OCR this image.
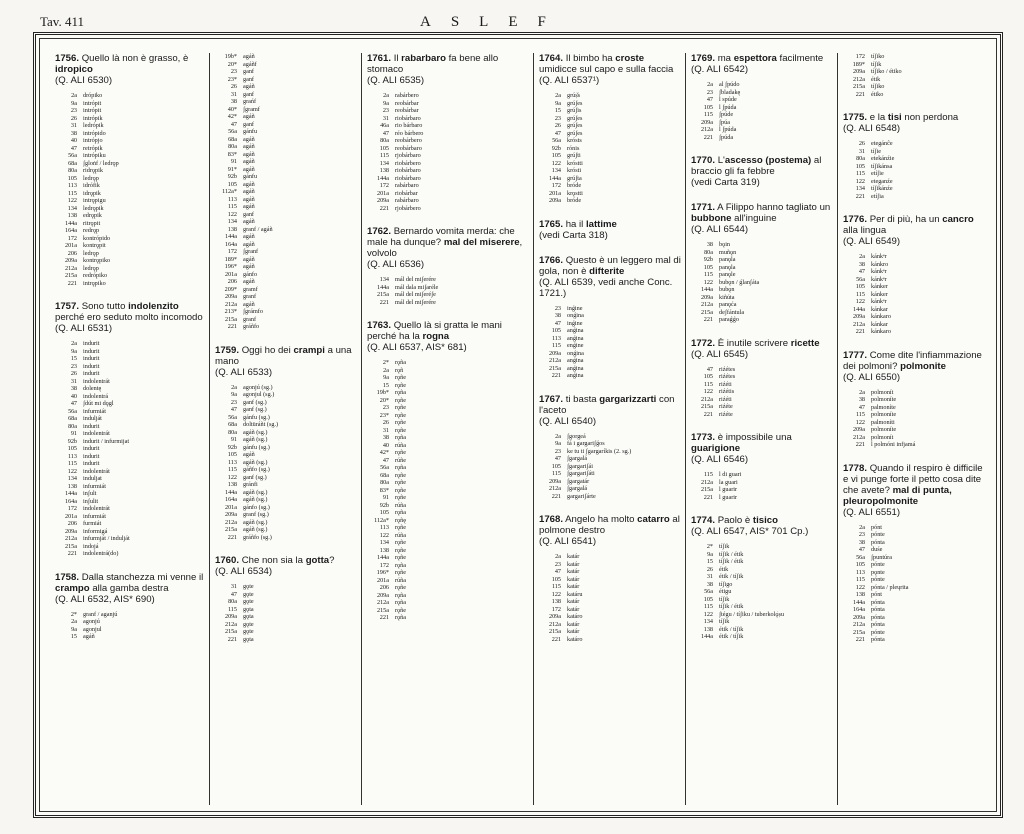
Tav. 411	ASLEF

1756. Quello là non è grasso, è idropico
(Q. ALI 6530)

2a drópiko
9a intrópit
23 intrópit
26 intrópik
31 ledrópik
38 intrópido
40 intrópjo
47 retrópik
56a intrópiku
68a ʃgloṅf / ledrǫp
80a ridrǫpik
105 ledrǫp
113 idrófik
115 idrǫpik
122 intrǫpigu
134 ledrǫpik
138 edrǫpik
144a ritrǫpit
164a redrǫp
172 kontrópido
201a kontrǫpit
206 ledrǫp
209a kontrǫpiko
212a ledrǫp
215a redrópiko
221 intrǫpiko

1757. Sono tutto indolenzito perché ero seduto molto incomodo
(Q. ALI 6531)

2a indurit
9a indurit
15 indurit
23 indurit
26 indurit
31 indolentrát
38 dolentę
40 indolentrá
47 ʃdút mi dǫgl
56a infurmiát
68a indulját
80a indurit
91 indolentrát
92b indurit / infurmijat
105 indurit
113 indurit
115 indurit
122 indolentrát
134 induljat
138 infurmiát
144a inʃult
164a inʃulit
172 indolentrát
201a infurmiát
206 furmiát
209a informigá
212a infurmját / indulját
215a indojá
221 indolentrá(do)

1758. Dalla stanchezza mi venne il crampo alla gamba destra
(Q. ALI 6532, AIS* 690)

2* granf / aganjú
2a agonjú
9a agonjul
15 agáñ
19b* agáñ
20* agáñf
23 ganf
23* ganf
26 agáñ
31 ganf
38 grańf
40* ʃgramf
42* agáñ
47 ganf
56a gánfu
68a agáñ
80a agáñ
83* agáñ
91 agáñ
91* agáñ
92b gánfu
105 agáñ
112a* agáñ
113 agáñ
115 agáñ
122 ganf
134 agáñ
138 granf / agáñ
144a agáñ
164a agáñ
172 ʃgranf
189* agáñ
196* agáñ
201a gánfo
206 agáñ
209* gramf
209a granf
212a agáñ
213* ʃgrámfo
215a granf
221 gráñfo

1759. Oggi ho dei crampi a una mano
(Q. ALI 6533)

2a agonjú (sg.)
9a agonjul (sg.)
23 ganf (sg.)
47 ganf (sg.)
56a gánfu (sg.)
68a doltüráñt (sg.)
80a agáñ (sg.)
91 agáñ (sg.)
92b gánfu (sg.)
105 agáñ
113 agáñ (sg.)
115 gáñfo (sg.)
122 ganf (sg.)
138 gránfi
144a agáñ (sg.)
164a agáñ (sg.)
201a gánfo (sg.)
209a granf (sg.)
212a agáñ (sg.)
215a agáñ (sg.)
221 gráñfo (sg.)

1760. Che non sia la gotta?
(Q. ALI 6534)

31 gǫte
47 gǫte
80a gǫte
115 gǫta
209a gǫta
212a gǫte
215a gǫte
221 gǫta

1761. Il rabarbaro fa bene allo stomaco
(Q. ALI 6535)

2a rabárbero
9a reobárbar
23 reobárbar
31 riobárbaro
46a rio bárbaro
47 réo bárbero
80a reobárbero
105 reobárbaro
115 rjobárbaro
134 riobárbero
138 riobárbaro
144a riobárbaro
172 rabárbaro
201a riobárbar
209a rabárbaro
221 rjobárbero

1762. Bernardo vomita merda: che male ha dunque? mal del miserere, volvolo
(Q. ALI 6536)

134 mál del miʃerére
144a mál dala miʃaréle
215a mál del miʃeréʃe
221 mál del miʃerére

1763. Quello là si gratta le mani perché ha la rogna
(Q. ALI 6537, AIS* 681)

2* rǫña
2a rǫñ
9a rǫñe
15 rǫñe
19b* rǫña
20* rǫñe
23 rǫñe
23* rǫñe
26 rǫñe
31 rǫñe
38 rǫña
40 rúña
42* rǫñe
47 rúñe
56a rǫña
68a rǫñe
80a rǫñe
83* rǫñe
91 rǫñe
92b rúña
105 rǫña
112a* rǫñę
113 rǫñe
122 rúña
134 rǫñe
138 rǫñe
144a rǫñe
172 rǫña
196* rǫñe
201a rúña
206 rǫñe
209a rǫña
212a rǫña
215a rǫñe
221 rǫña

1764. Il bimbo ha croste umidicce sul capo e sulla faccia
(Q. ALI 6537¹)

2a grúṣ̌s
9a grúʃes
15 grúʃis
23 grúʃes
26 grúʃes
47 grúʃes
56a krósts
92b rónis
105 grúʃti
122 króstti
134 krósti
144a grúʃta
172 bróde
201a krǫstti
209a bróde

1765. ha il lattime
(vedi Carta 318)

1766. Questo è un leggero mal di gola, non è difterite
(Q. ALI 6539, vedi anche Conc. 1721.)

23 inǵine
38 onǵina
47 inǵine
105 anǵina
113 anǵina
115 enǵine
209a onǵina
212a anǵina
215a anǵina
221 anǵina

1767. ti basta gargarizzarti con l'aceto
(Q. ALI 6540)

2a ʃgorgeá
9a fá i gargariʃǵos
23 ke tu ti ʃgargaríkis (2. sg.)
47 ʃgargalá
105 ʃgargariʃái
115 ʃgargariʃáti
209a ʃgargatár
212a ʃgargalá
221 gargariʃárte

1768. Angelo ha molto catarro al polmone destro
(Q. ALI 6541)

2a katár
23 katár
47 katár
105 katár
115 katár
122 katáru
138 katár
172 katár
209a katáro
212a katár
215a katár
221 katáro

1769. ma espettora facilmente
(Q. ALI 6542)

2a al ʃpúdo
23 ʃbladakę
47 l spúde
105 l ʃpúda
115 ʃpúde
209a ʃpúa
212a l ʃpúda
221 ʃpúda

1770. L'ascesso (postema) al braccio gli fa febbre
(vedi Carta 319)

1771. A Filippo hanno tagliato un bubbone all'inguine
(Q. ALI 6544)

38 bǫin
80a muñǫn
92b panǫla
105 panǫla
115 panǫle
122 bubǫn / ǵlanʃáta
144a bubǫn
209a kiñúta
212a panǫća
215a deʃfántula
221 paraǵǵo

1772. È inutile scrivere ricette
(Q. ALI 6545)

47 riźétes
105 riźétes
115 riźéti
122 riźétis
212a riźéti
215a riźéte
221 riźéte

1773. è impossibile una guarigione
(Q. ALI 6546)

115 l di guari
212a la guari
215a l guarir
221 l guarir

1774. Paolo è tisico
(Q. ALI 6547, AIS* 701 Cp.)

2* tíʃik
9a tíʃik / étik
15 tíʃik / étik
26 étik
31 étik / tíʃik
38 tíʃigo
56a étigu
105 tíʃik
115 tíʃik / étik
122 ʃtégu / tíʃiku / tuberkolǫ̀ṣu
134 tíʃik
138 étik / tíʃik
144a étik / tíʃik
172 tíʃiko
189* tíʃik
209a tíʃiko / étiko
212a étik
215a tíʃiko
221 étiko

1775. e la tisi non perdona
(Q. ALI 6548)

26 etegánĉe
31 tíʃie
80a etekánźie
105 tíʃikánsa
115 etíʃie
122 eteganźe
134 tíʃikánźe
221 etíʃia

1776. Per di più, ha un cancro alla lingua
(Q. ALI 6549)

2a kánkᵉr
38 kánkro
47 kánkᵉr
56a kánkᵉr
105 kánker
115 kánker
122 kánkᵉr
144a kánkar
209a kánkaro
212a kánkar
221 kánkaro

1777. Come dite l'infiammazione dei polmoni? polmonite
(Q. ALI 6550)

2a polmonít
38 polmoníte
47 palmoníte
115 polmoníte
122 palmoníti
209a polmoníte
212a polmonít
221 l polmóni infjamá

1778. Quando il respiro è difficile e vi punge forte il petto cosa dite che avete? mal di punta, pleuropolmonite
(Q. ALI 6551)

2a pónt
23 pónte
38 pónta
47 duśe
56a ʃpuntúra
105 pónte
113 pǫnte
115 pónte
122 pónta / pleųrita
138 pónt
144a pónta
164a pónta
209a pónta
212a pónta
215a pónte
221 pónta
